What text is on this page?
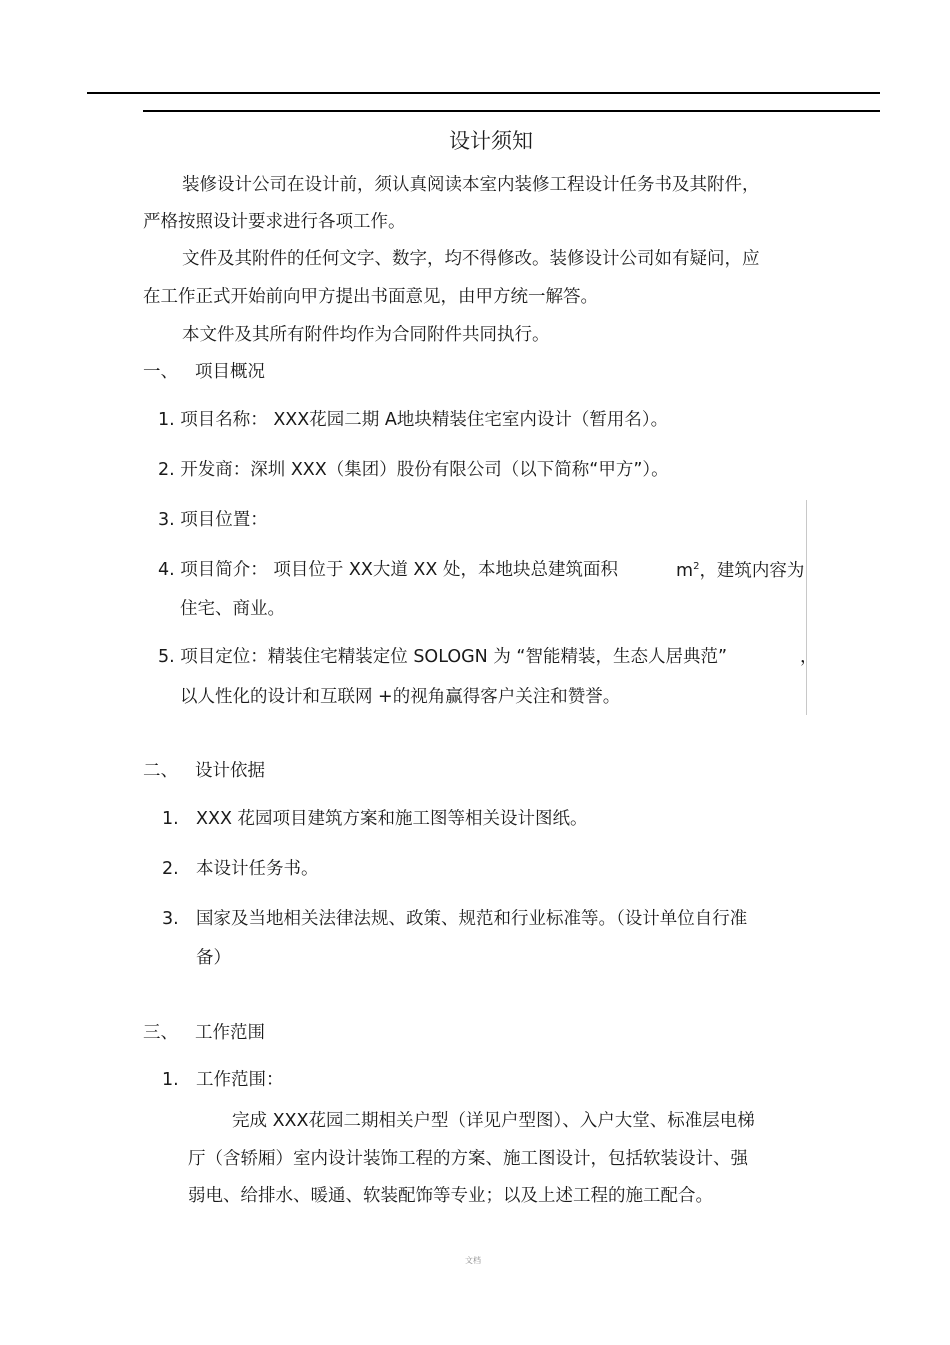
设计须知
装修设计公司在设计前，须认真阅读本室内装修工程设计任务书及其附件，
严格按照设计要求进行各项工作。
文件及其附件的任何文字、数字，均不得修改。装修设计公司如有疑问，应
在工作正式开始前向甲方提出书面意见，由甲方统一解答。
本文件及其所有附件均作为合同附件共同执行。
一、 项目概况
1. 项目名称： XXX花园二期 A地块精装住宅室内设计（暂用名）。
2. 开发商：深圳 XXX（集团）股份有限公司（以下简称“甲方”）。
3. 项目位置：
4. 项目简介： 项目位于 XX大道 XX 处，本地块总建筑面积	$m^2$，建筑内容为
住宅、商业。
5. 项目定位：精装住宅精装定位 SOLOGN 为 “智能精装，生态人居典范”	，
以人性化的设计和互联网 +的视角赢得客户关注和赞誉。
二、 设计依据
1. XXX 花园项目建筑方案和施工图等相关设计图纸。
2. 本设计任务书。
3. 国家及当地相关法律法规、政策、规范和行业标准等。（设计单位自行准
备）
三、 工作范围
1. 工作范围：
完成 XXX花园二期相关户型（详见户型图）、入户大堂、标准层电梯
厅（含轿厢）室内设计装饰工程的方案、施工图设计，包括软装设计、强
弱电、给排水、暖通、软装配饰等专业；以及上述工程的施工配合。
文档
